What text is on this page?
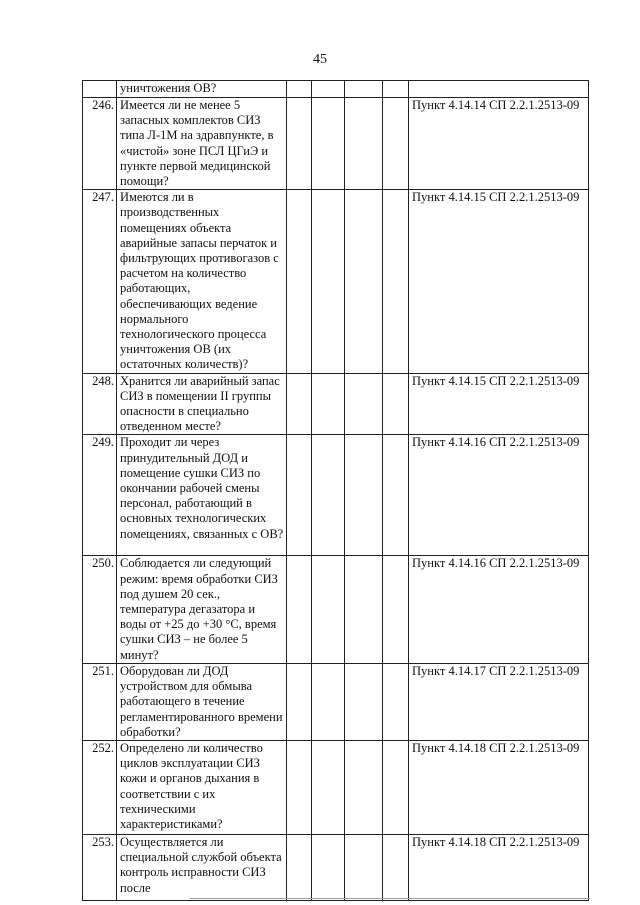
45
	уничтожения ОВ?					
246.	Имеется ли не менее 5 запасных комплектов СИЗ типа Л-1М на здравпункте, в «чистой» зоне ПСЛ ЦГиЭ и пункте первой медицинской помощи?					Пункт 4.14.14 СП 2.2.1.2513-09
247.	Имеются ли в производственных помещениях объекта аварийные запасы перчаток и фильтрующих противогазов с расчетом на количество работающих, обеспечивающих ведение нормального технологического процесса уничтожения ОВ (их остаточных количеств)?					Пункт 4.14.15 СП 2.2.1.2513-09
248.	Хранится ли аварийный запас СИЗ в помещении II группы опасности в специально отведенном месте?					Пункт 4.14.15 СП 2.2.1.2513-09
249.	Проходит ли через принудительный ДОД и помещение сушки СИЗ по окончании рабочей смены персонал, работающий в основных технологических помещениях, связанных с ОВ?					Пункт 4.14.16 СП 2.2.1.2513-09
250.	Соблюдается ли следующий режим: время обработки СИЗ под душем 20 сек., температура дегазатора и воды от +25 до +30 °С, время сушки СИЗ – не более 5 минут?					Пункт 4.14.16 СП 2.2.1.2513-09
251.	Оборудован ли ДОД устройством для обмыва работающего в течение регламентированного времени обработки?					Пункт 4.14.17 СП 2.2.1.2513-09
252.	Определено ли количество циклов эксплуатации СИЗ кожи и органов дыхания в соответствии с их техническими характеристиками?					Пункт 4.14.18 СП 2.2.1.2513-09
253.	Осуществляется ли специальной службой объекта контроль исправности СИЗ после					Пункт 4.14.18 СП 2.2.1.2513-09
